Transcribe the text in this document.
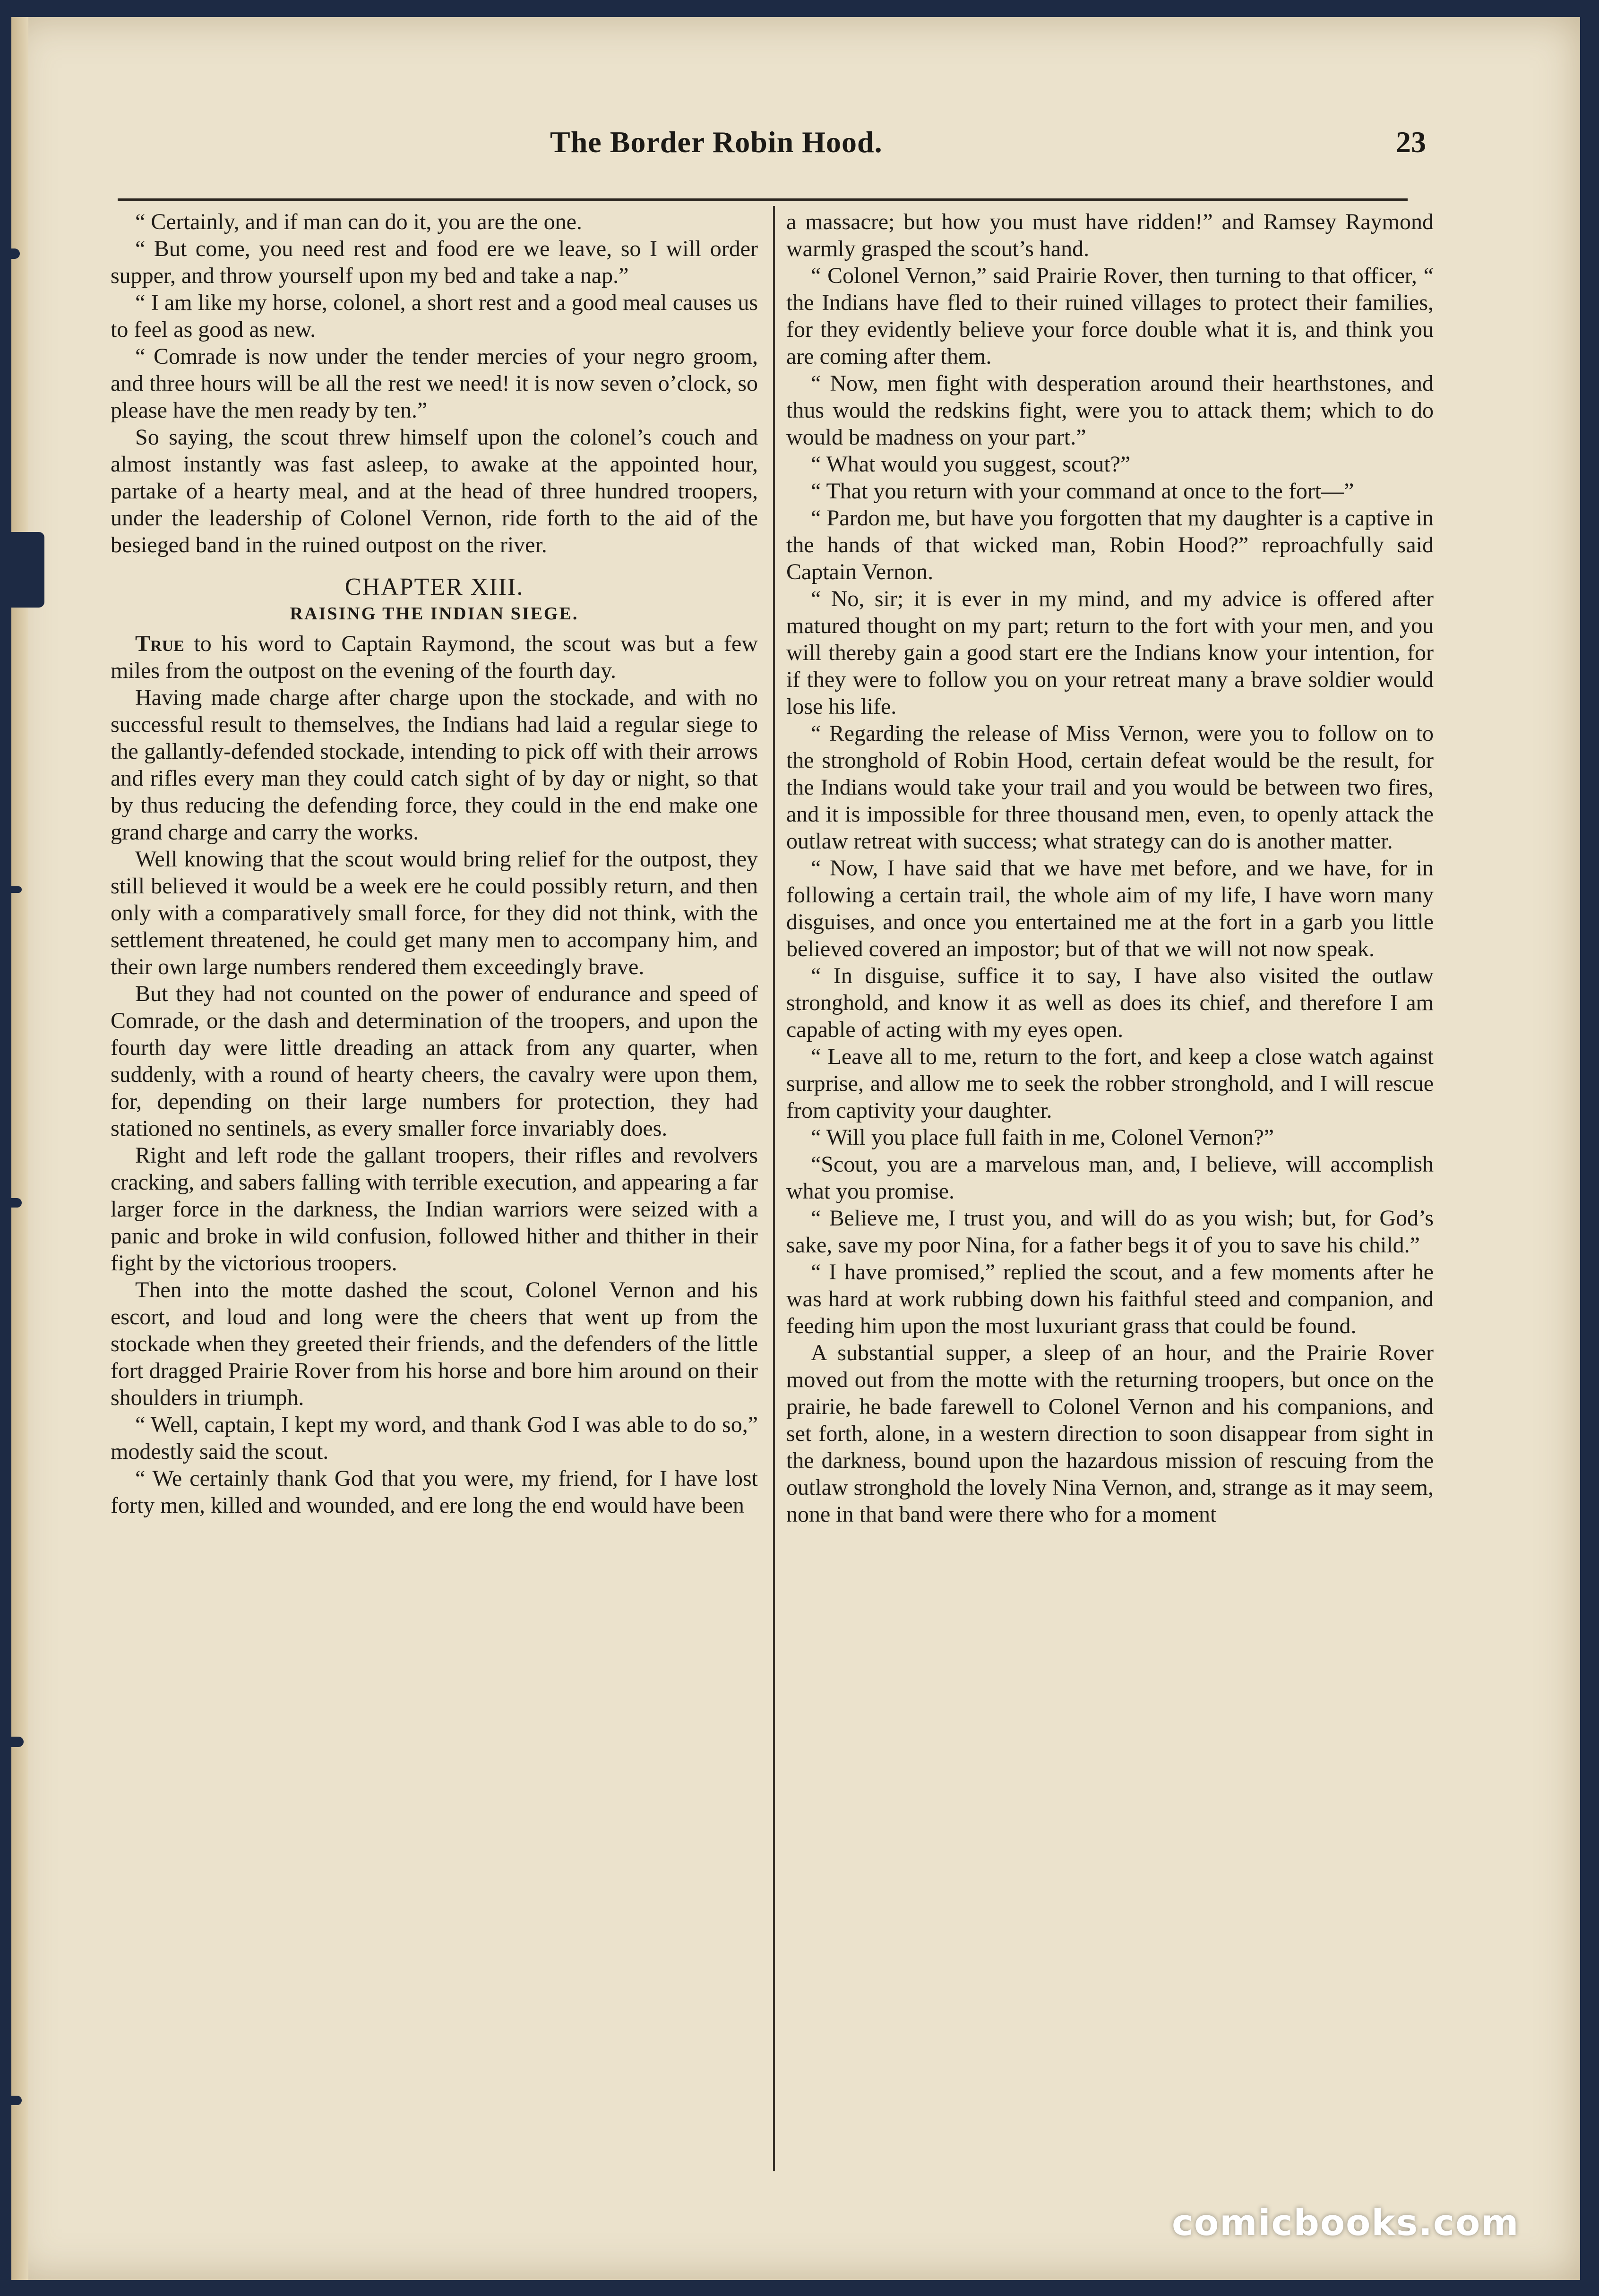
The Border Robin Hood.	23

“ Certainly, and if man can do it, you are the one.

“ But come, you need rest and food ere we leave, so I will order supper, and throw yourself upon my bed and take a nap.”

“ I am like my horse, colonel, a short rest and a good meal causes us to feel as good as new.

“ Comrade is now under the tender mercies of your negro groom, and three hours will be all the rest we need! it is now seven o’clock, so please have the men ready by ten.”

So saying, the scout threw himself upon the colonel’s couch and almost instantly was fast asleep, to awake at the appointed hour, partake of a hearty meal, and at the head of three hundred troopers, under the leadership of Colonel Vernon, ride forth to the aid of the besieged band in the ruined outpost on the river.

CHAPTER XIII.
RAISING THE INDIAN SIEGE.

True to his word to Captain Raymond, the scout was but a few miles from the outpost on the evening of the fourth day.

Having made charge after charge upon the stockade, and with no successful result to themselves, the Indians had laid a regular siege to the gallantly-defended stockade, intending to pick off with their arrows and rifles every man they could catch sight of by day or night, so that by thus reducing the defending force, they could in the end make one grand charge and carry the works.

Well knowing that the scout would bring relief for the outpost, they still believed it would be a week ere he could possibly return, and then only with a comparatively small force, for they did not think, with the settlement threatened, he could get many men to accompany him, and their own large numbers rendered them exceedingly brave.

But they had not counted on the power of endurance and speed of Comrade, or the dash and determination of the troopers, and upon the fourth day were little dreading an attack from any quarter, when suddenly, with a round of hearty cheers, the cavalry were upon them, for, depending on their large numbers for protection, they had stationed no sentinels, as every smaller force invariably does.

Right and left rode the gallant troopers, their rifles and revolvers cracking, and sabers falling with terrible execution, and appearing a far larger force in the darkness, the Indian warriors were seized with a panic and broke in wild confusion, followed hither and thither in their fight by the victorious troopers.

Then into the motte dashed the scout, Colonel Vernon and his escort, and loud and long were the cheers that went up from the stockade when they greeted their friends, and the defenders of the little fort dragged Prairie Rover from his horse and bore him around on their shoulders in triumph.

“ Well, captain, I kept my word, and thank God I was able to do so,” modestly said the scout.

“ We certainly thank God that you were, my friend, for I have lost forty men, killed and wounded, and ere long the end would have been

a massacre; but how you must have ridden!” and Ramsey Raymond warmly grasped the scout’s hand.

“ Colonel Vernon,” said Prairie Rover, then turning to that officer, “ the Indians have fled to their ruined villages to protect their families, for they evidently believe your force double what it is, and think you are coming after them.

“ Now, men fight with desperation around their hearthstones, and thus would the redskins fight, were you to attack them; which to do would be madness on your part.”

“ What would you suggest, scout?”

“ That you return with your command at once to the fort—”

“ Pardon me, but have you forgotten that my daughter is a captive in the hands of that wicked man, Robin Hood?” reproachfully said Captain Vernon.

“ No, sir; it is ever in my mind, and my advice is offered after matured thought on my part; return to the fort with your men, and you will thereby gain a good start ere the Indians know your intention, for if they were to follow you on your retreat many a brave soldier would lose his life.

“ Regarding the release of Miss Vernon, were you to follow on to the stronghold of Robin Hood, certain defeat would be the result, for the Indians would take your trail and you would be between two fires, and it is impossible for three thousand men, even, to openly attack the outlaw retreat with success; what strategy can do is another matter.

“ Now, I have said that we have met before, and we have, for in following a certain trail, the whole aim of my life, I have worn many disguises, and once you entertained me at the fort in a garb you little believed covered an impostor; but of that we will not now speak.

“ In disguise, suffice it to say, I have also visited the outlaw stronghold, and know it as well as does its chief, and therefore I am capable of acting with my eyes open.

“ Leave all to me, return to the fort, and keep a close watch against surprise, and allow me to seek the robber stronghold, and I will rescue from captivity your daughter.

“ Will you place full faith in me, Colonel Vernon?”

“Scout, you are a marvelous man, and, I believe, will accomplish what you promise.

“ Believe me, I trust you, and will do as you wish; but, for God’s sake, save my poor Nina, for a father begs it of you to save his child.”

“ I have promised,” replied the scout, and a few moments after he was hard at work rubbing down his faithful steed and companion, and feeding him upon the most luxuriant grass that could be found.

A substantial supper, a sleep of an hour, and the Prairie Rover moved out from the motte with the returning troopers, but once on the prairie, he bade farewell to Colonel Vernon and his companions, and set forth, alone, in a western direction to soon disappear from sight in the darkness, bound upon the hazardous mission of rescuing from the outlaw stronghold the lovely Nina Vernon, and, strange as it may seem, none in that band were there who for a moment

comicbooks.com
